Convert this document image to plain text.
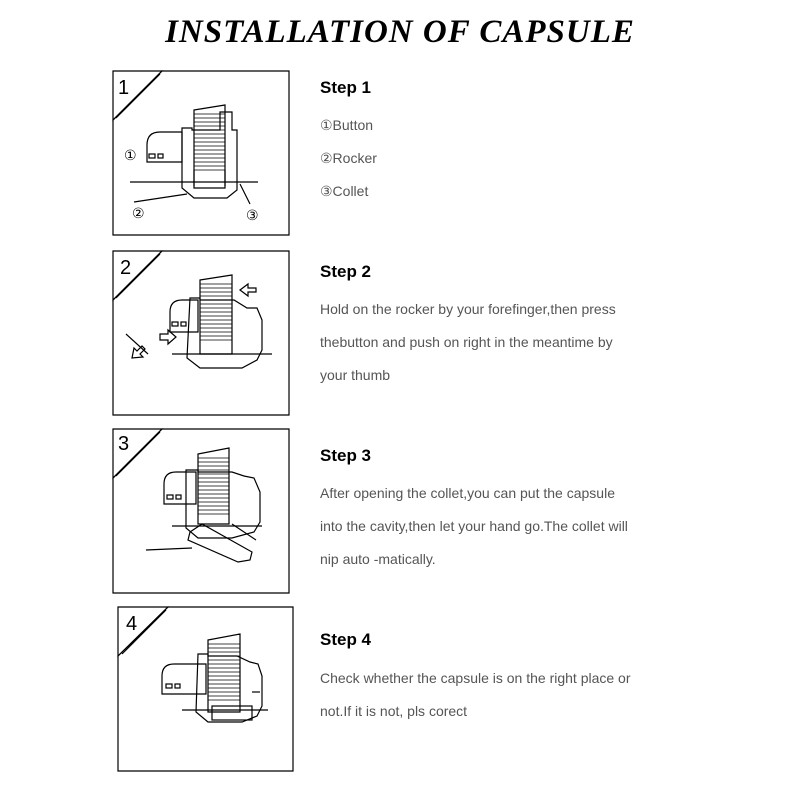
INSTALLATION OF CAPSULE
1
①
②	③
Step 1
①Button
②Rocker
③Collet
2	Step 2
Hold on the rocker by your forefinger,then press
thebutton and push on right in the meantime by
your thumb
3
Step 3
After opening the collet,you can put the capsule
into the cavity,then let your hand go.The collet will
nip auto -matically.
4
Step 4
Check whether the capsule is on the right place or
not.If it is not, pls corect
